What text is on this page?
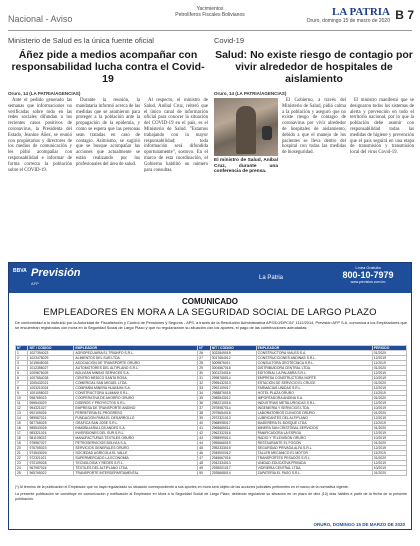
Nacional - Aviso
Yacimientos
Petrolíferos Fiscales Bolivianos	LA PATRIA
Oruro, domingo 15 de marzo de 2020 B 7
Ministerio de Salud es la única fuente oficial
Áñez pide a medios acompañar con responsabilidad lucha contra el Covid-19
Oruro, 14 (LA PATRIA/AGENCIAS)

Ante el pedido generado las semanas que informaciones no verificadas sobre todo en las redes sociales difundan a los recientes casos positivos de coronavirus, la Presidenta del Estado, Jeanine Áñez, se reunió con propietarios y directores de los medios de comunicación y les pidió acompañar con responsabilidad e informar de forma correcta la población sobre el COVID-19.

Durante la reunión, la mandataria informó acerca de las medidas que se asumieron para proteger a la población ante la propagación de la epidemia, y como se espera que las personas sean tratadas en caso de contagio. Asimismo, se sugirió que se busque acompañar las acciones que actualmente se están realizando por los profesionales del área de salud.

Al respecto, el ministro de Salud, Aníbal Cruz, reiteró que el único canal de información oficial para conocer la situación del COVID-19 en el país, es el Ministerio de Salud. "Estamos trabajando con la mayor responsabilidad; toda información será difundida oportunamente", sostuvo. En el marco de esta coordinación, el Gobierno habilitó un número para consultas.

Covid-19
Salud: No existe riesgo de contagio por vivir alrededor de hospitales de aislamiento
Oruro, 14 (LA PATRIA/AGENCIAS)
El ministro de Salud, Aníbal Cruz, durante una conferencia de prensa.

El Gobierno, a través del Ministerio de Salud, pidió calma a la población y aseguró que no existe riesgo de contagio de coronavirus por vivir alrededor de hospitales de aislamiento, debido a que el manejo de los pacientes se lleva dentro del hospital con todas las medidas de bioseguridad.

El ministro manifestó que se designaron todos los sistemas de alerta y prevención en todo el territorio nacional, por lo que la población debe asumir con responsabilidad todas las medidas de higiene y prevención que el país seguirá en una etapa de transmisión y transmisión local del virus Covid-19.

BBVA Previsión
AFP
La Patria
Línea Gratuita
800-10-7979
www.prevision.com.bo
COMUNICADO
EMPLEADORES EN MORA A LA SEGURIDAD SOCIAL DE LARGO PLAZO
De conformidad a lo instruido por la Autoridad de Fiscalización y Control de Pensiones y Seguros - APS, a través de la Resolución Administrativa APS/DJ/DPC/N° 1112/2014, Previsión AFP S.A. comunica a los Empleadores que se encuentran registrados con mora en la Seguridad Social de Largo Plazo y que no regularizaron su situación con los aportes, el pago de las contribuciones adeudadas:
N°	NIT / CÓDIGO	EMPLEADOR	N°	NIT / CÓDIGO	EMPLEADOR	PERIODO
1	1027394023	AGROPECUARIA EL TRIUNFO S.R.L.	26	3022849015	CONSTRUCTORA VIALES S.A.	01/2020
2	1023478029	ALIMENTOS DEL SUR LTDA.	27	3017654012	CONSTRUCCIONES ANDINAS S.R.L.	12/2019
3	1019845026	ASOCIACIÓN DE TRANSPORTE ORURO	28	3009876011	CONSULTORA GEOTÉCNICA S.R.L.	11/2019
4	1012356027	AUTOMOTORES DEL ALTIPLANO S.R.L.	29	3004567018	DISTRIBUIDORA CENTRAL LTDA.	01/2020
5	1009876025	BOLIVIAN MINING SERVICES S.A.	30	3001234016	EDITORIAL LA PALABRA S.R.L.	12/2019
6	1007654028	CENTRO MÉDICO SANTA ROSA	31	2998765014	EMPRESA CONSTRUCTORA NORTE	10/2019
7	1005432021	COMERCIAL SAN MIGUEL LTDA.	32	2995432013	ESTACIÓN DE SERVICIO EL CRUCE	01/2020
8	1003210024	COMPAÑÍA MINERA HUANUNI S.A.	33	2992109017	FARMACIAS UNIDAS S.R.L.	12/2019
9	1001098022	CONSTRUCTORA ILLIMANI S.R.L.	34	2988876015	HOTEL PLAZA ORURO	11/2019
10	998765023	COOPERATIVA DE AHORRO ORURO	35	2985543012	IMPORTADORA ANDINA S.A.	01/2020
11	996543029	DISEÑOS Y PROYECTOS S.R.L.	36	2982210016	INDUSTRIAS METALÚRGICAS S.R.L.	12/2019
12	994321027	EMPRESA DE TRANSPORTE ANDINO	37	2978987014	INGENIERÍA Y SERVICIOS LTDA.	10/2019
13	992109026	FERRETERÍA EL PROGRESO	38	2975654018	LABORATORIOS CLÍNICOS ORURO	01/2020
14	989987021	FUNDACIÓN PARA EL DESARROLLO	39	2972321013	LUBRICANTES DEL ALTIPLANO	12/2019
15	987765025	GRÁFICA SAN JOSÉ S.R.L.	40	2968998017	MADERERA EL BOSQUE LTDA.	11/2019
16	985543028	INMOBILIARIA LOS ANDES S.A.	41	2965665011	MINERA SAN CRISTÓBAL SERVICIOS	01/2020
17	983321024	INVERSIONES DEL SUR S.R.L.	42	2962332016	PANIFICADORA LA ESPIGA	12/2019
18	981109022	MANUFACTURAS TEXTILES ORURO	43	2958999014	RADIO Y TELEVISIÓN ORURO	10/2019
19	978987027	PETROSERVICIOS BOLIVIA S.A.	44	2955666019	RESTAURANTE EL FOGÓN	01/2020
20	976765023	SERVICIOS GENERALES ORURO	45	2952333015	SEGURIDAD PRIVADA ALFA S.R.L.	12/2019
21	974543026	SOCIEDAD AGRÍCOLA EL VALLE	46	2949000012	TALLER MECÁNICO EL MOTOR	11/2019
22	972321021	SUPERMERCADO LA ECONOMÍA	47	2945667016	TRANSPORTES PESADOS S.R.L.	01/2020
23	970109028	TECNOLOGÍA Y REDES S.R.L.	48	2942334013	UNIDAD EDUCATIVA PRIVADA	12/2019
24	967987024	TEXTILES DEL ALTIPLANO LTDA.	49	2939001017	VIDRIERÍA CENTRAL LTDA.	10/2019
25	965765022	TRANSPORTE INTERDEPARTAMENTAL	50	2935668014	ZAPATERÍA EL PASO S.R.L.	01/2020
(*) Al término de la publicación el Empleador que no haya regularizado su situación correspondiente a sus aportes en mora será objeto de las acciones judiciales pertinentes en el marco de la normativa vigente.
La presente publicación se constituye en comunicación y notificación al Empleador en Mora a la Seguridad Social de Largo Plazo, debiendo regularizar su situación en un plazo de diez (10) días hábiles a partir de la fecha de la presente publicación.
ORURO, DOMINGO 15 DE MARZO DE 2020
